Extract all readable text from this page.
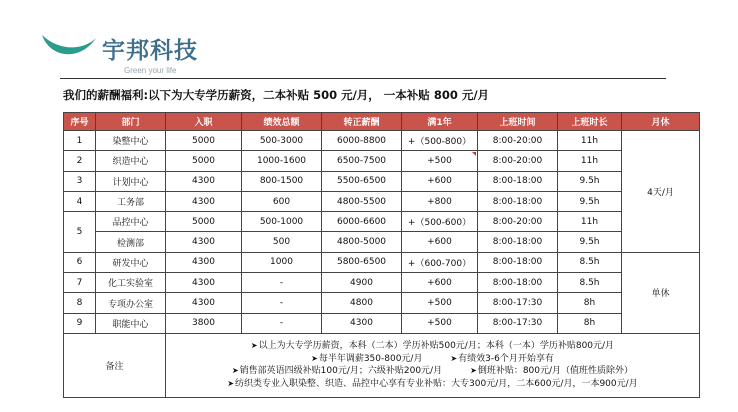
宇邦科技
Green your life
我们的薪酬福利:以下为大专学历薪资，二本补贴 500 元/月， 一本补贴 800 元/月
序号	部门	入职	绩效总额	转正薪酬	满1年	上班时间	上班时长	月休
1	染整中心	5000	500-3000	6000-8800	+（500-800）	8:00-20:00	11h	4天/月
2	织造中心	5000	1000-1600	6500-7500	+500	8:00-20:00	11h	
3	计划中心	4300	800-1500	5500-6500	+600	8:00-18:00	9.5h	
4	工务部	4300	600	4800-5500	+800	8:00-18:00	9.5h	
5	品控中心	5000	500-1000	6000-6600	+（500-600）	8:00-20:00	11h	
	检测部	4300	500	4800-5000	+600	8:00-18:00	9.5h	
6	研发中心	4300	1000	5800-6500	+（600-700）	8:00-18:00	8.5h	单休
7	化工实验室	4300	-	4900	+600	8:00-18:00	8.5h	
8	专项办公室	4300	-	4800	+500	8:00-17:30	8h	
9	职能中心	3800	-	4300	+500	8:00-17:30	8h	
备注		➤以上为大专学历薪资，本科（二本）学历补贴500元/月；本科（一本）学历补贴800元/月
➤每半年调薪350-800元/月 ➤有绩效3-6个月开始享有
➤销售部英语四级补贴100元/月；六级补贴200元/月 ➤倒班补贴：800元/月（值班性质除外）
➤纺织类专业入职染整、织造、品控中心享有专业补贴：大专300元/月，二本600元/月，一本900元/月						
